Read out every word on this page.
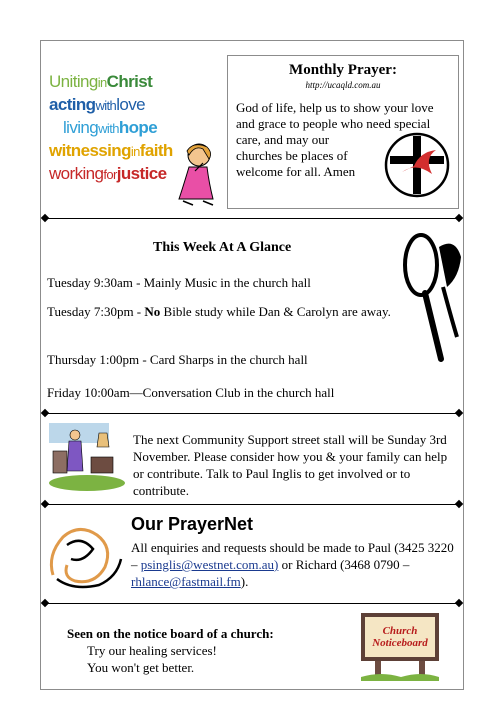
UnitinginChrist
actingwithlove
livingwithhope
witnessinginfaith
workingforjustice
Monthly Prayer:
http://ucaqld.com.au
God of life, help us to show your love
and grace to people who need special
care, and may our
churches be places of
welcome for all. Amen
This Week At A Glance
Tuesday 9:30am - Mainly Music in the church hall
Tuesday 7:30pm - No Bible study while Dan & Carolyn are away.
Thursday 1:00pm - Card Sharps in the church hall
Friday 10:00am—Conversation Club in the church hall
The next Community Support street stall will be Sunday 3rd November. Please consider how you & your family can help or contribute. Talk to Paul Inglis to get involved or to contribute.
Our PrayerNet
All enquiries and requests should be made to Paul (3425 3220 – psinglis@westnet.com.au) or Richard (3468 0790 – rhlance@fastmail.fm).
Seen on the notice board of a church:
Try our healing services!
You won't get better.
Church
Noticeboard
